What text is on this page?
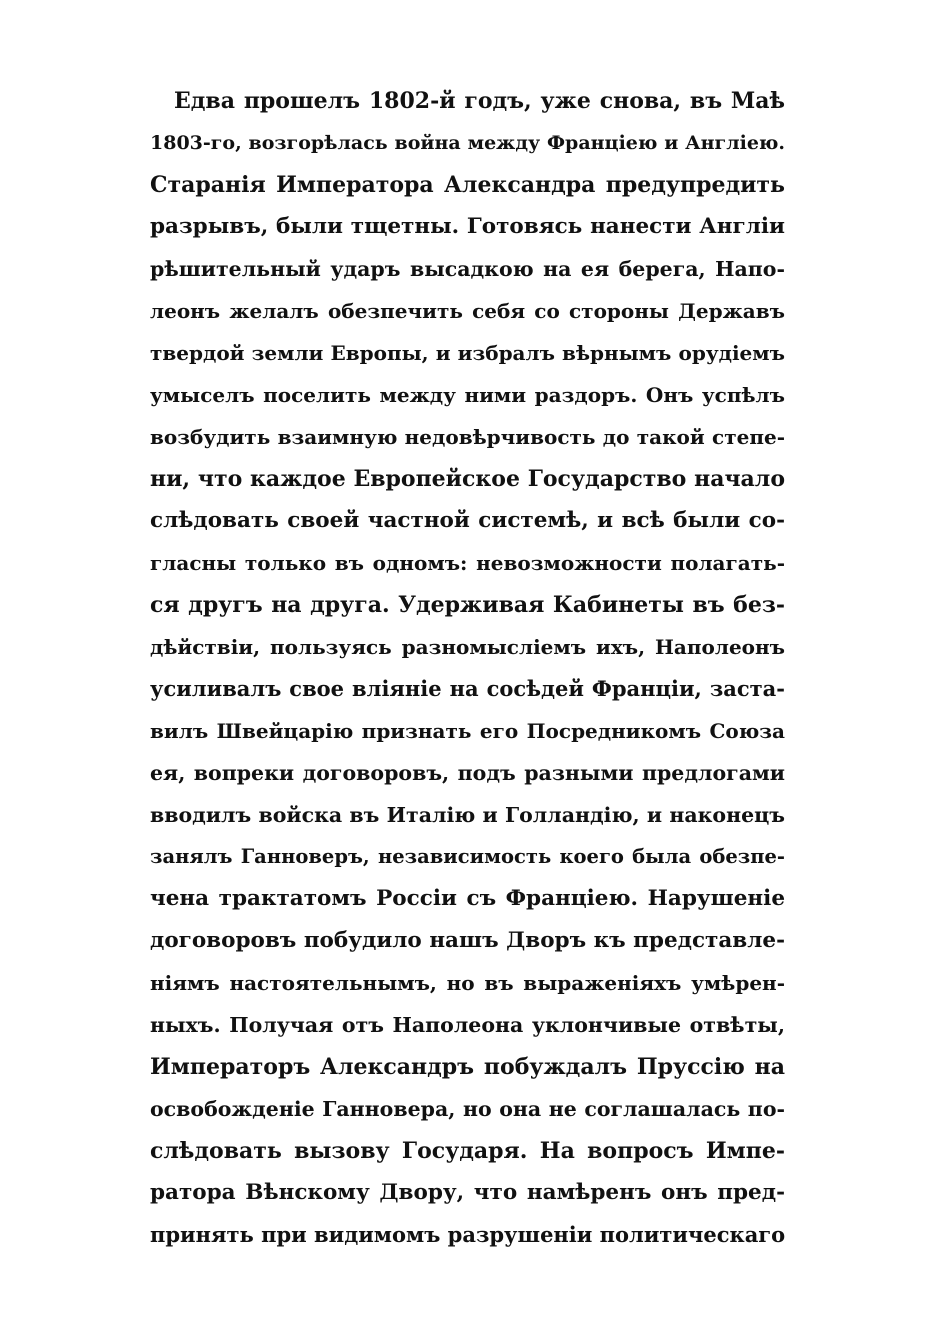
Едва прошелъ 1802-й годъ, уже снова, въ Маѣ
1803-го, возгорѣлась война между Франціею и Англіею.
Старанія Императора Александра предупредить
разрывъ, были тщетны. Готовясь нанести Англіи
рѣшительный ударъ высадкою на ея берега, Напо-
леонъ желалъ обезпечить себя со стороны Державъ
твердой земли Европы, и избралъ вѣрнымъ орудіемъ
умыселъ поселить между ними раздоръ. Онъ успѣлъ
возбудить взаимную недовѣрчивость до такой степе-
ни, что каждое Европейское Государство начало
слѣдовать своей частной системѣ, и всѣ были со-
гласны только въ одномъ: невозможности полагать-
ся другъ на друга. Удерживая Кабинеты въ без-
дѣйствіи, пользуясь разномысліемъ ихъ, Наполеонъ
усиливалъ свое вліяніе на сосѣдей Франціи, заста-
вилъ Швейцарію признать его Посредникомъ Союза
ея, вопреки договоровъ, подъ разными предлогами
вводилъ войска въ Италію и Голландію, и наконецъ
занялъ Ганноверъ, независимость коего была обезпе-
чена трактатомъ Россіи съ Франціею. Нарушеніе
договоровъ побудило нашъ Дворъ къ представле-
ніямъ настоятельнымъ, но въ выраженіяхъ умѣрен-
ныхъ. Получая отъ Наполеона уклончивые отвѣты,
Императоръ Александръ побуждалъ Пруссію на
освобожденіе Ганновера, но она не соглашалась по-
слѣдовать вызову Государя. На вопросъ Импе-
ратора Вѣнскому Двору, что намѣренъ онъ пред-
принять при видимомъ разрушеніи политическаго
